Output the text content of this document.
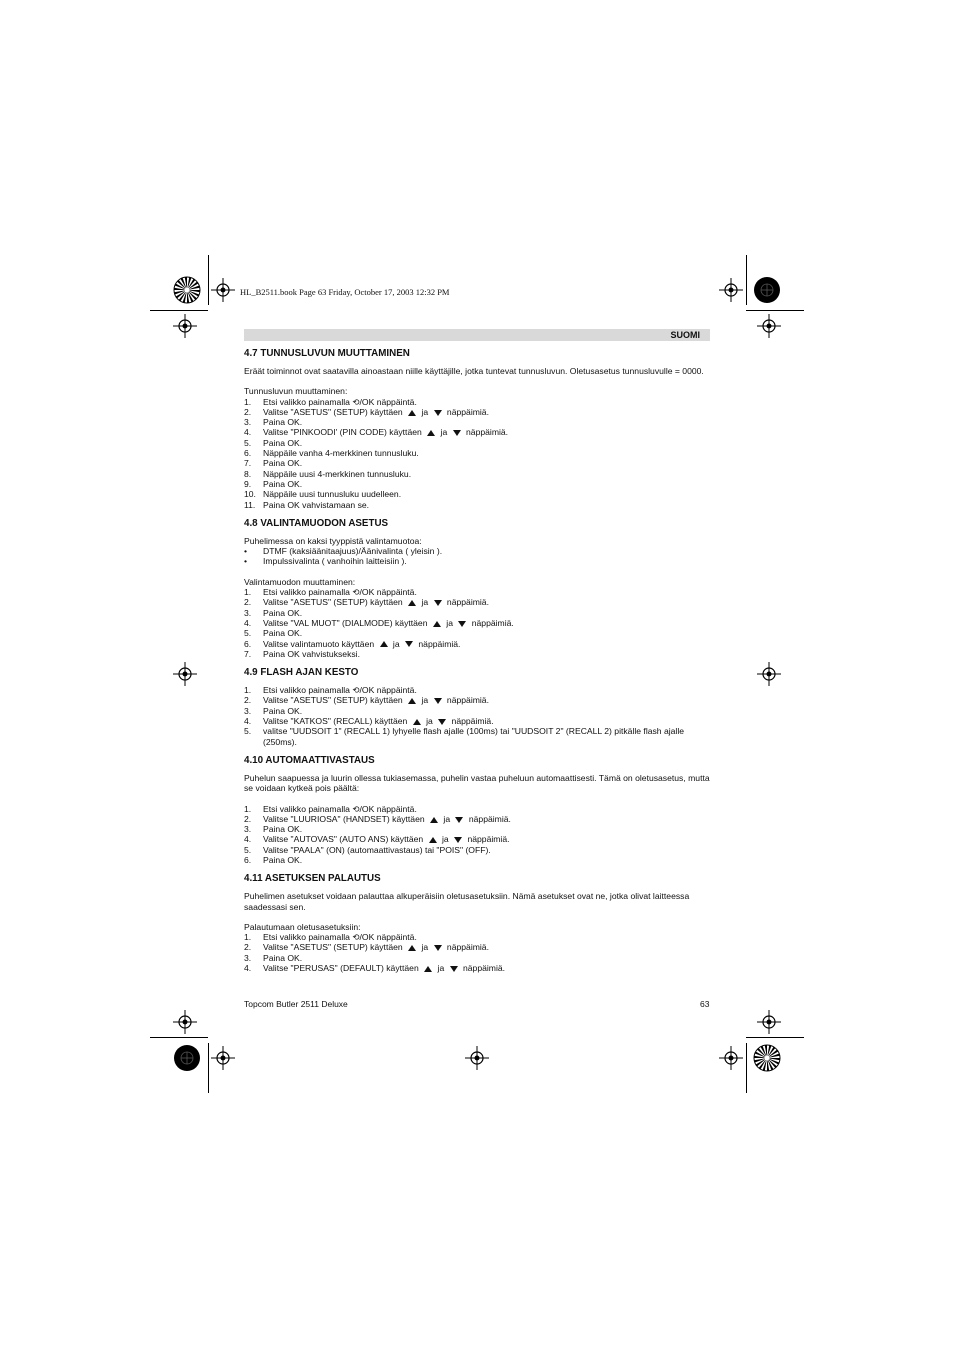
HL_B2511.book Page 63 Friday, October 17, 2003 12:32 PM
SUOMI
4.7 TUNNUSLUVUN MUUTTAMINEN

Eräät toiminnot ovat saatavilla ainoastaan niille käyttäjille, jotka tuntevat tunnusluvun. Oletusasetus tunnusluvulle = 0000.

Tunnusluvun muuttaminen:

1. Etsi valikko painamalla ⟲/OK näppäintä.
2. Valitse "ASETUS" (SETUP) käyttäen  ja  näppäimiä.
3. Paina OK.
4. Valitse "PINKOODI' (PIN CODE) käyttäen  ja  näppäimiä.
5. Paina OK.
6. Näppäile vanha 4-merkkinen tunnusluku.
7. Paina OK.
8. Näppäile uusi 4-merkkinen tunnusluku.
9. Paina OK.
10. Näppäile uusi tunnusluku uudelleen.
11. Paina OK vahvistamaan se.
4.8 VALINTAMUODON ASETUS

Puhelimessa on kaksi tyyppistä valintamuotoa:

• DTMF (kaksiäänitaajuus)/Äänivalinta ( yleisin ).
• Impulssivalinta ( vanhoihin laitteisiin ).

Valintamuodon muuttaminen:

1. Etsi valikko painamalla ⟲/OK näppäintä.
2. Valitse "ASETUS" (SETUP) käyttäen  ja  näppäimiä.
3. Paina OK.
4. Valitse "VAL MUOT" (DIALMODE) käyttäen  ja  näppäimiä.
5. Paina OK.
6. Valitse valintamuoto käyttäen  ja  näppäimiä.
7. Paina OK vahvistukseksi.
4.9 FLASH AJAN KESTO
1. Etsi valikko painamalla ⟲/OK näppäintä.
2. Valitse "ASETUS" (SETUP) käyttäen  ja  näppäimiä.
3. Paina OK.
4. Valitse "KATKOS" (RECALL) käyttäen  ja  näppäimiä.
5. valitse "UUDSOIT 1" (RECALL 1) lyhyelle flash ajalle (100ms) tai "UUDSOIT 2" (RECALL 2) pitkälle flash ajalle (250ms).
4.10 AUTOMAATTIVASTAUS

Puhelun saapuessa ja luurin ollessa tukiasemassa, puhelin vastaa puheluun automaattisesti. Tämä on oletusasetus, mutta se voidaan kytkeä pois päältä:

1. Etsi valikko painamalla ⟲/OK näppäintä.
2. Valitse "LUURIOSA" (HANDSET) käyttäen  ja  näppäimiä.
3. Paina OK.
4. Valitse "AUTOVAS" (AUTO ANS) käyttäen  ja  näppäimiä.
5. Valitse "PAALA" (ON) (automaattivastaus) tai "POIS" (OFF).
6. Paina OK.
4.11 ASETUKSEN PALAUTUS

Puhelimen asetukset voidaan palauttaa alkuperäisiin oletusasetuksiin. Nämä asetukset ovat ne, jotka olivat laitteessa saadessasi sen.

Palautumaan oletusasetuksiin:

1. Etsi valikko painamalla ⟲/OK näppäintä.
2. Valitse "ASETUS" (SETUP) käyttäen  ja  näppäimiä.
3. Paina OK.
4. Valitse "PERUSAS" (DEFAULT) käyttäen  ja  näppäimiä.
Topcom Butler 2511 Deluxe	63
